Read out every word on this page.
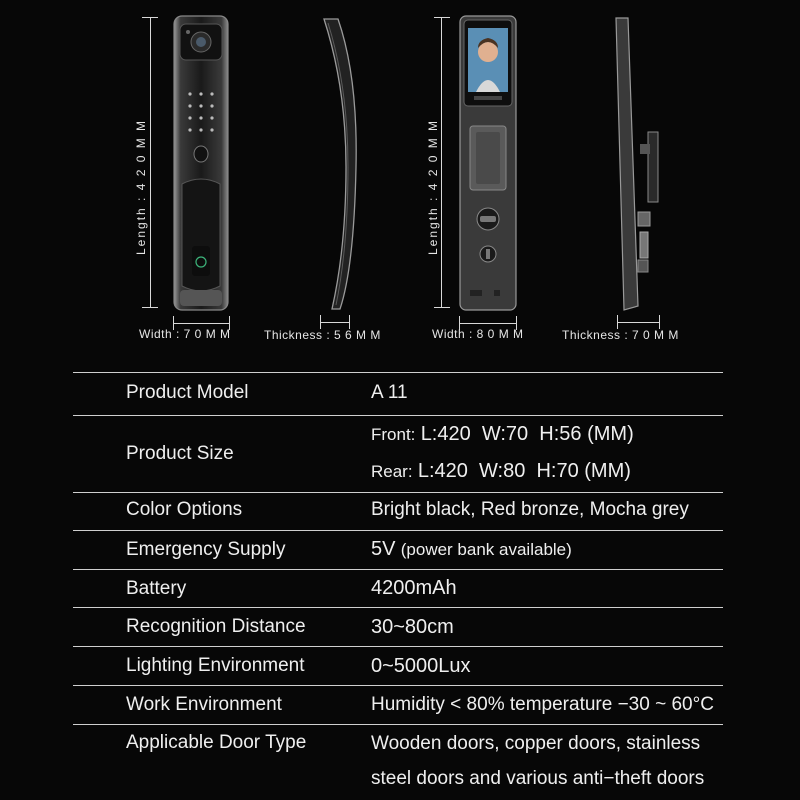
Length : 4 2 0 M M
Width : 7 0 M M	Thickness : 5 6 M M
Length : 4 2 0 M M
Width : 8 0 M M	Thickness : 7 0 M M
Product Model	A 11
Product Size
Front: L:420  W:70  H:56 (MM)
Rear: L:420  W:80  H:70 (MM)
Color Options	Bright black, Red bronze, Mocha grey
Emergency Supply	5V (power bank available)
Battery	4200mAh
Recognition Distance	30~80cm
Lighting Environment	0~5000Lux
Work Environment	Humidity < 80% temperature −30 ~ 60°C
Applicable Door Type	Wooden doors, copper doors, stainless
steel doors and various anti−theft doors
